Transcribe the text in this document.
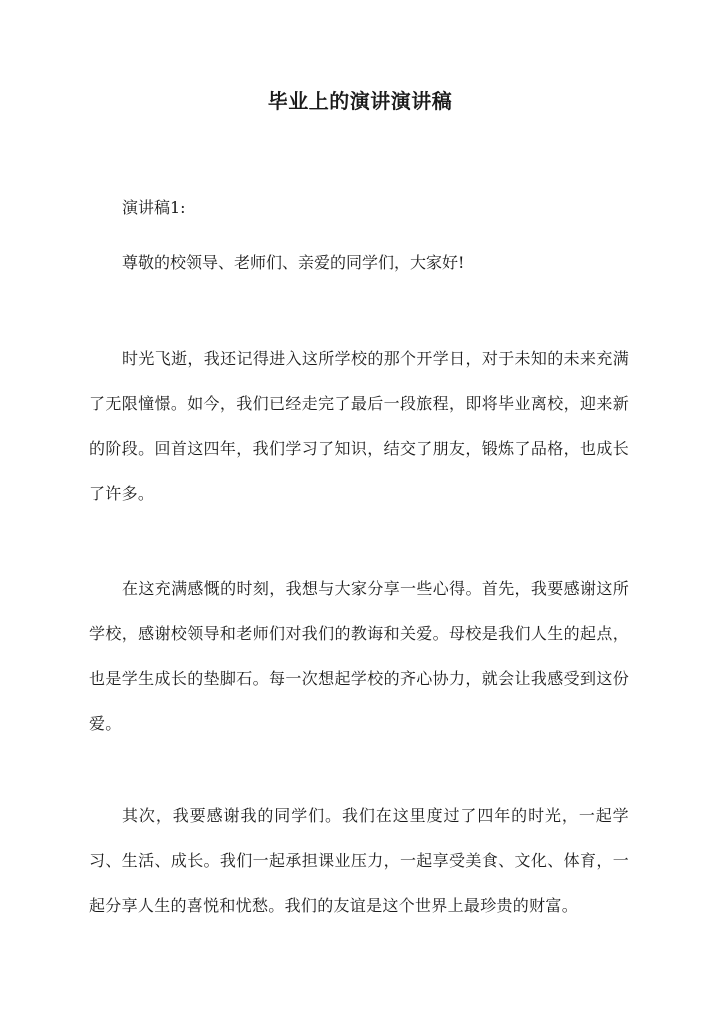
毕业上的演讲演讲稿
演讲稿1:
尊敬的校领导、老师们、亲爱的同学们，大家好!
时光飞逝，我还记得进入这所学校的那个开学日，对于未知的未来充满了无限憧憬。如今，我们已经走完了最后一段旅程，即将毕业离校，迎来新的阶段。回首这四年，我们学习了知识，结交了朋友，锻炼了品格，也成长了许多。
在这充满感慨的时刻，我想与大家分享一些心得。首先，我要感谢这所学校，感谢校领导和老师们对我们的教诲和关爱。母校是我们人生的起点，也是学生成长的垫脚石。每一次想起学校的齐心协力，就会让我感受到这份爱。
其次，我要感谢我的同学们。我们在这里度过了四年的时光，一起学习、生活、成长。我们一起承担课业压力，一起享受美食、文化、体育，一起分享人生的喜悦和忧愁。我们的友谊是这个世界上最珍贵的财富。
